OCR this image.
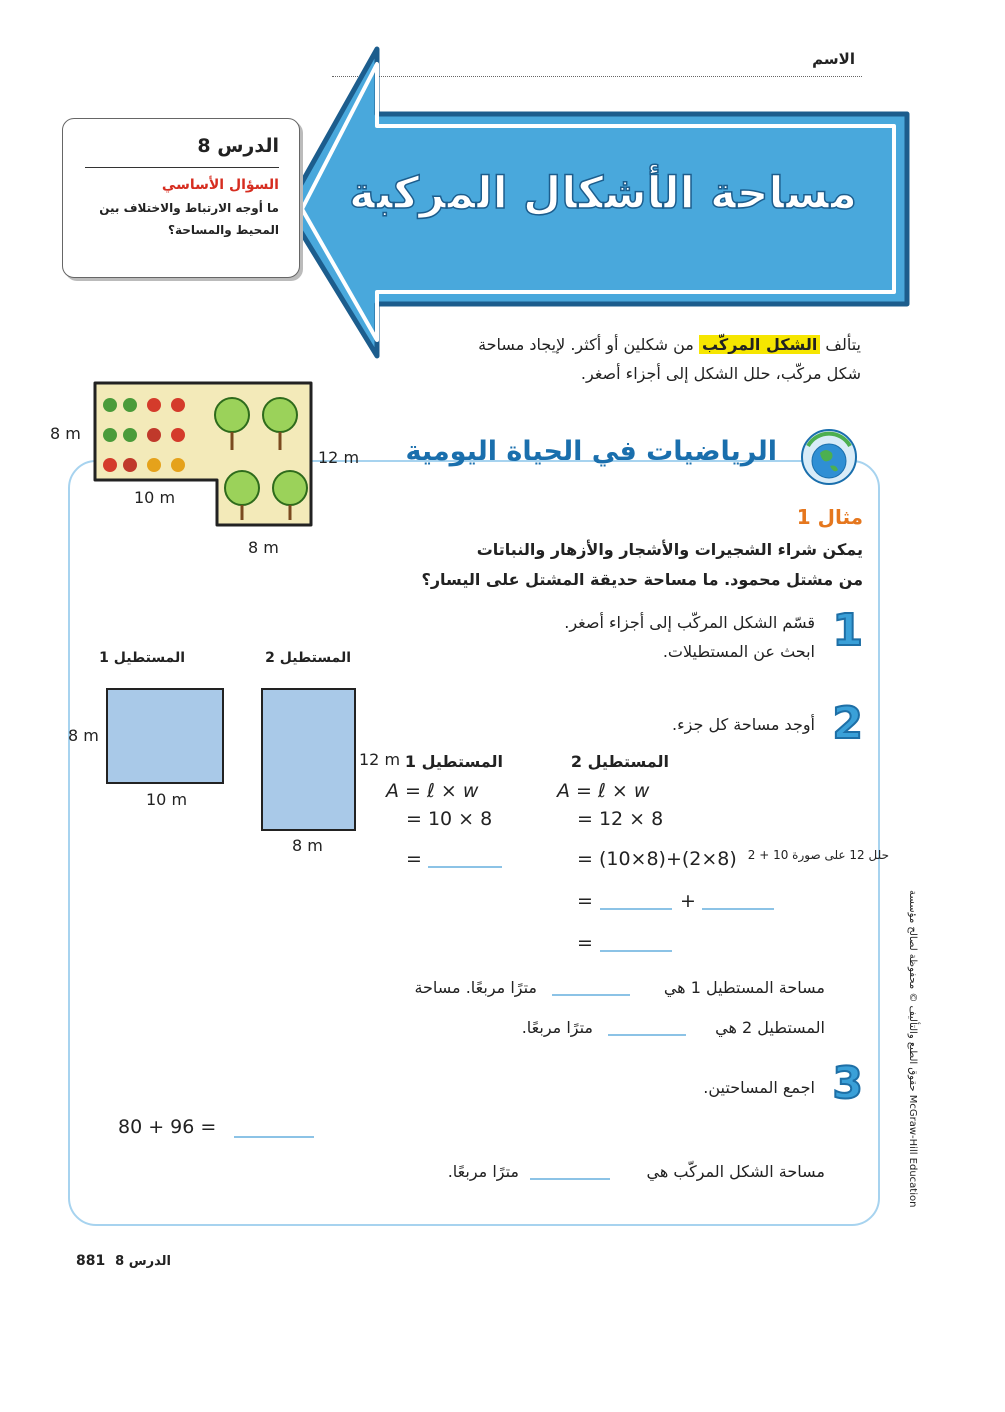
الاسم
مساحة الأشكال المركبة
الدرس 8
السؤال الأساسي
ما أوجه الارتباط والاختلاف بين
المحيط والمساحة؟
يتألف الشكل المركّب من شكلين أو أكثر. لإيجاد مساحة
شكل مركّب، حلل الشكل إلى أجزاء أصغر.
الرياضيات في الحياة اليومية
8 m
10 m
12 m
8 m
مثال 1
يمكن شراء الشجيرات والأشجار والأزهار والنباتات
من مشتل محمود. ما مساحة حديقة المشتل على اليسار؟
1
قسّم الشكل المركّب إلى أجزاء أصغر.
ابحث عن المستطيلات.
المستطيل 1	المستطيل 2
8 m
10 m
12 m
8 m
2
أوجد مساحة كل جزء.
المستطيل 1	المستطيل 2
A = ℓ × w
= 10 × 8
=
A = ℓ × w
= 12 × 8
= (10×8)+(2×8) حلل 12 على صورة 10 + 2
=	+
=
مساحة المستطيل 1 هي
مترًا مربعًا. مساحة
المستطيل 2 هي
مترًا مربعًا.
3
اجمع المساحتين.
80 + 96 =
مساحة الشكل المركّب هي
مترًا مربعًا.
الدرس 8
881
حقوق الطبع والتأليف © محفوظة لصالح مؤسسة McGraw-Hill Education
